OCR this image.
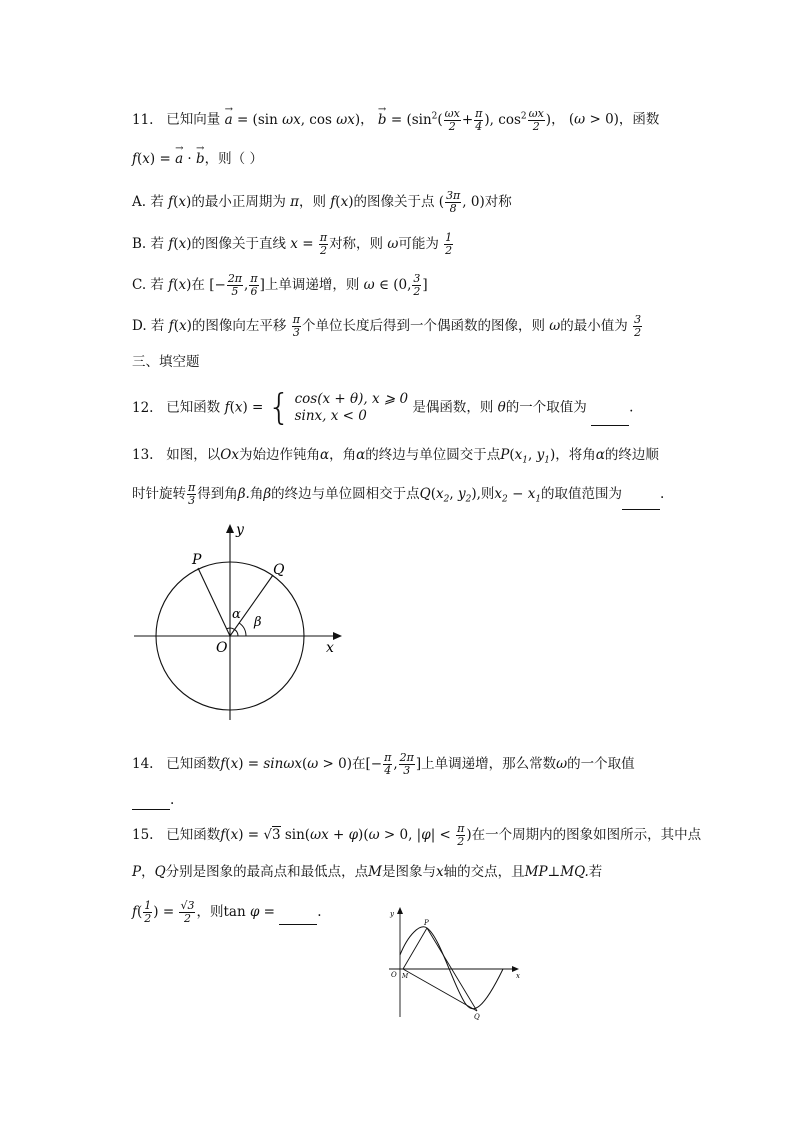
11. 已知向量 → a = (sin ωx, cos ωx)， → $b = (\sin^2( \frac{\omega x}{2} + \frac{\pi}{4}$ ), $\cos^2 \frac{\omega x}{2}$ )， (ω > 0)，函数
f(x) = → a · → b，则（ ）
A. 若 f(x)的最小正周期为 π，则 f(x)的图像关于点 ( $\frac{3\pi}{8}$ , 0)对称
B. 若 f(x)的图像关于直线 $x = \frac{\pi}{2}$ 对称，则 ω可能为 $\frac{1}{2}$
C. 若 f(x)在 [− $\frac{2\pi}{5}$ , $\frac{\pi}{6}$ ]上单调递增，则 ω ∈ (0, $\frac{3}{2}$ ]
D. 若 f(x)的图像向左平移 $\frac{\pi}{3}$ 个单位长度后得到一个偶函数的图像，则 ω的最小值为 $\frac{3}{2}$
三、填空题
12. 已知函数 f(x) = { cos(x + θ), x ⩾ 0
sinx, x < 0
是偶函数，则 θ的一个取值为	.
13. 如图，以Ox为始边作钝角α，角α的终边与单位圆交于点$P(x_1$, $y_1$)，将角α的终边顺
时针旋转 $\frac{\pi}{3}$ 得到角β.角β的终边与单位圆相交于点$Q(x_2$, $y_2$),则$x_2 - x_1$的取值范围为	.
P
Q
O	x
y
α
β
14. 已知函数f(x) = sinωx(ω > 0)在[− $\frac{\pi}{4}$ , $\frac{2\pi}{3}$ ]上单调递增，那么常数ω的一个取值
.
15. 已知函数f(x) = √3 sin(ωx + φ)(ω > 0, $|\varphi| < \frac{\pi}{2}$ )在一个周期内的图象如图所示，其中点
P，Q分别是图象的最高点和最低点，点M是图象与x轴的交点，且MP⊥MQ.若
$f( \frac{1}{2}$ ) = $\frac{√3}{2}$ ，则tan φ =	.
P
Q
O M	x
y
